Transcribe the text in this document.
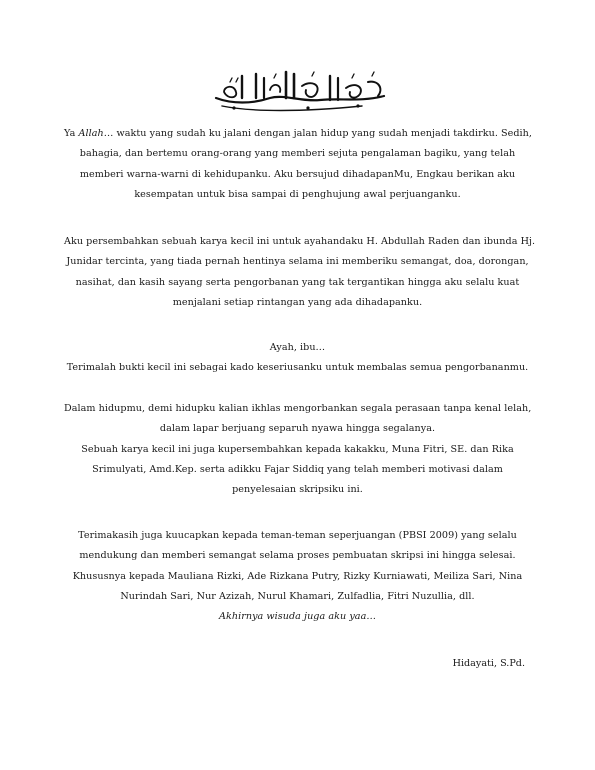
Ya Allah… waktu yang sudah ku jalani dengan jalan hidup yang sudah menjadi takdirku. Sedih,
bahagia, dan bertemu orang-orang yang memberi sejuta pengalaman bagiku, yang telah
memberi warna-warni di kehidupanku. Aku bersujud dihadapanMu, Engkau berikan aku
kesempatan untuk bisa sampai di penghujung awal perjuanganku.
Aku persembahkan sebuah karya kecil ini untuk ayahandaku H. Abdullah Raden dan ibunda Hj.
Junidar tercinta, yang tiada pernah hentinya selama ini memberiku semangat, doa, dorongan,
nasihat, dan kasih sayang serta pengorbanan yang tak tergantikan hingga aku selalu kuat
menjalani setiap rintangan yang ada dihadapanku.
Ayah, ibu…
Terimalah bukti kecil ini sebagai kado keseriusanku untuk membalas semua pengorbananmu.
Dalam hidupmu, demi hidupku kalian ikhlas mengorbankan segala perasaan tanpa kenal lelah,
dalam lapar berjuang separuh nyawa hingga segalanya.
Sebuah karya kecil ini juga kupersembahkan kepada kakakku, Muna Fitri, SE. dan Rika
Srimulyati, Amd.Kep. serta adikku Fajar Siddiq yang telah memberi motivasi dalam
penyelesaian skripsiku ini.
Terimakasih juga kuucapkan kepada teman-teman seperjuangan (PBSI 2009) yang selalu
mendukung dan memberi semangat selama proses pembuatan skripsi ini hingga selesai.
Khususnya kepada Mauliana Rizki, Ade Rizkana Putry, Rizky Kurniawati, Meiliza Sari, Nina
Nurindah Sari, Nur Azizah, Nurul Khamari, Zulfadlia, Fitri Nuzullia, dll.
Akhirnya wisuda juga aku yaa…
Hidayati, S.Pd.
